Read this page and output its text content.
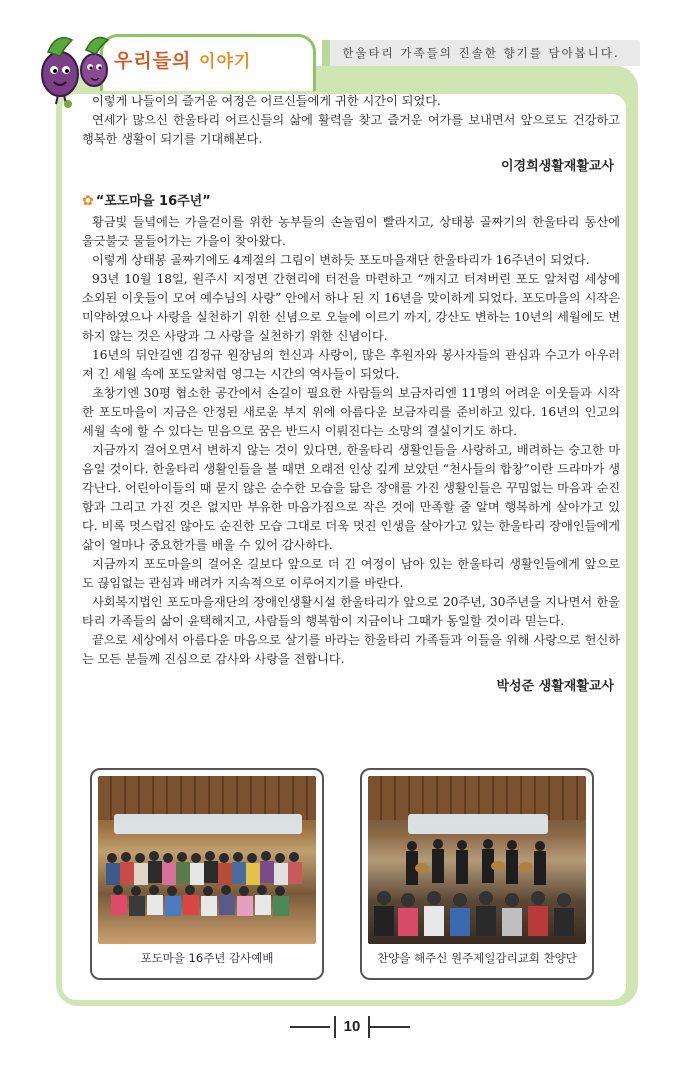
한울타리 가족들의 진솔한 향기를 담아봅니다.
우리들의 이야기

이렇게 나들이의 즐거운 여정은 어르신들에게 귀한 시간이 되었다.

연세가 많으신 한울타리 어르신들의 삶에 활력을 찾고 즐거운 여가를 보내면서 앞으로도 건강하고 행복한 생활이 되기를 기대해본다.

이경희생활재활교사
✿ “포도마을 16주년”

황금빛 들녘에는 가을걷이를 위한 농부들의 손놀림이 빨라지고, 상태봉 골짜기의 한울타리 동산에 울긋불긋 물들어가는 가을이 찾아왔다.

이렇게 상태봉 골짜기에도 4계절의 그림이 변하듯 포도마을재단 한울타리가 16주년이 되었다.

93년 10월 18일, 원주시 지정면 간현리에 터전을 마련하고 “깨지고 터져버린 포도 알처럼 세상에 소외된 이웃들이 모여 예수님의 사랑” 안에서 하나 된 지 16년을 맞이하게 되었다. 포도마을의 시작은 미약하였으나 사랑을 실천하기 위한 신념으로 오늘에 이르기 까지, 강산도 변하는 10년의 세월에도 변하지 않는 것은 사랑과 그 사랑을 실천하기 위한 신념이다.

16년의 뒤안길엔 김정규 원장님의 헌신과 사랑이, 많은 후원자와 봉사자들의 관심과 수고가 아우러져 긴 세월 속에 포도알처럼 영그는 시간의 역사들이 되었다.

초창기엔 30평 협소한 공간에서 손길이 필요한 사람들의 보금자리엔 11명의 어려운 이웃들과 시작한 포도마을이 지금은 안정된 새로운 부지 위에 아름다운 보금자리를 준비하고 있다. 16년의 인고의 세월 속에 할 수 있다는 믿음으로 꿈은 반드시 이뤄진다는 소망의 결실이기도 하다.

지금까지 걸어오면서 변하지 않는 것이 있다면, 한울타리 생활인들을 사랑하고, 배려하는 숭고한 마음일 것이다. 한울타리 생활인들을 볼 때면 오래전 인상 깊게 보았던 “천사들의 합창”이란 드라마가 생각난다. 어린아이들의 때 묻지 않은 순수한 모습을 닮은 장애를 가진 생활인들은 꾸밈없는 마음과 순진함과 그리고 가진 것은 없지만 부유한 마음가짐으로 작은 것에 만족할 줄 알며 행복하게 살아가고 있다. 비록 멋스럽진 않아도 순진한 모습 그대로 더욱 멋진 인생을 살아가고 있는 한울타리 장애인들에게 삶이 얼마나 중요한가를 배울 수 있어 감사하다.

지금까지 포도마을의 걸어온 길보다 앞으로 더 긴 여정이 남아 있는 한울타리 생활인들에게 앞으로도 끊임없는 관심과 배려가 지속적으로 이루어지기를 바란다.

사회복지법인 포도마을재단의 장애인생활시설 한울타리가 앞으로 20주년, 30주년을 지나면서 한울타리 가족들의 삶이 윤택해지고, 사람들의 행복함이 지금이나 그때가 동일할 것이라 믿는다.

끝으로 세상에서 아름다운 마음으로 살기를 바라는 한울타리 가족들과 이들을 위해 사랑으로 헌신하는 모든 분들께 진심으로 감사와 사랑을 전합니다.

박성준 생활재활교사
포도마을 16주년 감사예배	찬양을 해주신 원주제일감리교회 찬양단
10
